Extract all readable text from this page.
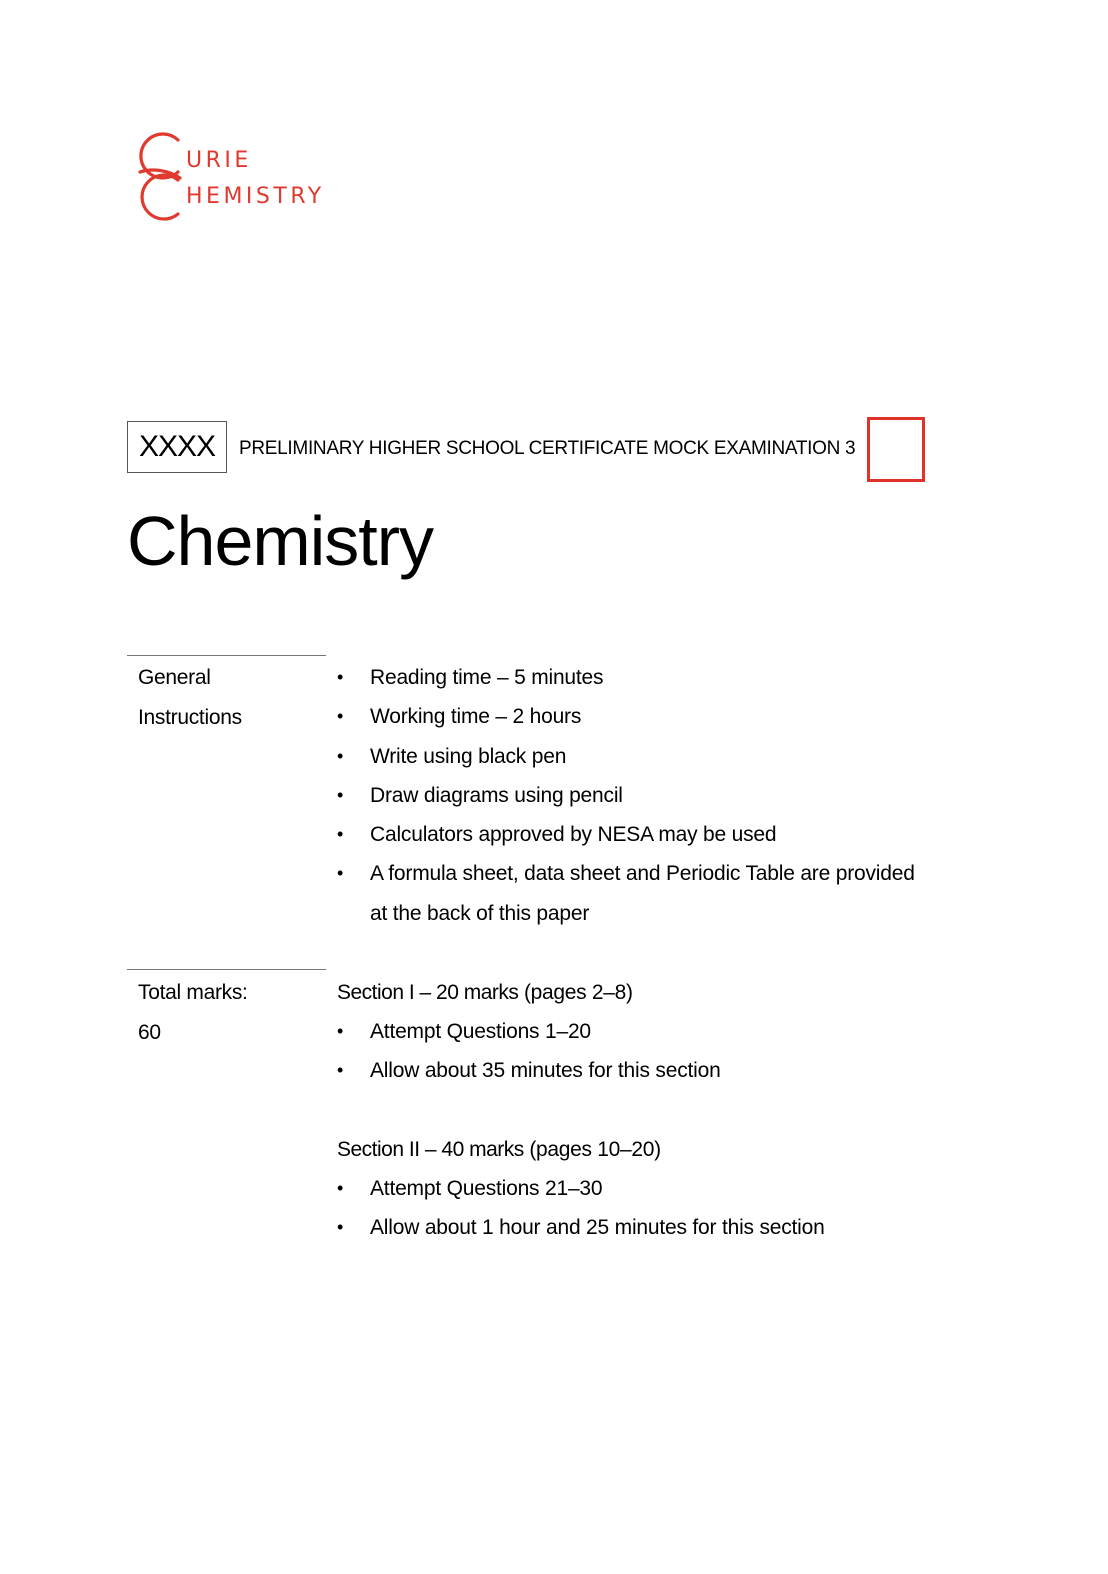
URIE
HEMISTRY
XXXX	PRELIMINARY HIGHER SCHOOL CERTIFICATE MOCK EXAMINATION 3
Chemistry
General
Instructions
• Reading time – 5 minutes
• Working time – 2 hours
• Write using black pen
• Draw diagrams using pencil
• Calculators approved by NESA may be used
• A formula sheet, data sheet and Periodic Table are provided at the back of this paper
Total marks:
60
Section I – 20 marks (pages 2–8)
• Attempt Questions 1–20
• Allow about 35 minutes for this section
Section II – 40 marks (pages 10–20)
• Attempt Questions 21–30
• Allow about 1 hour and 25 minutes for this section
